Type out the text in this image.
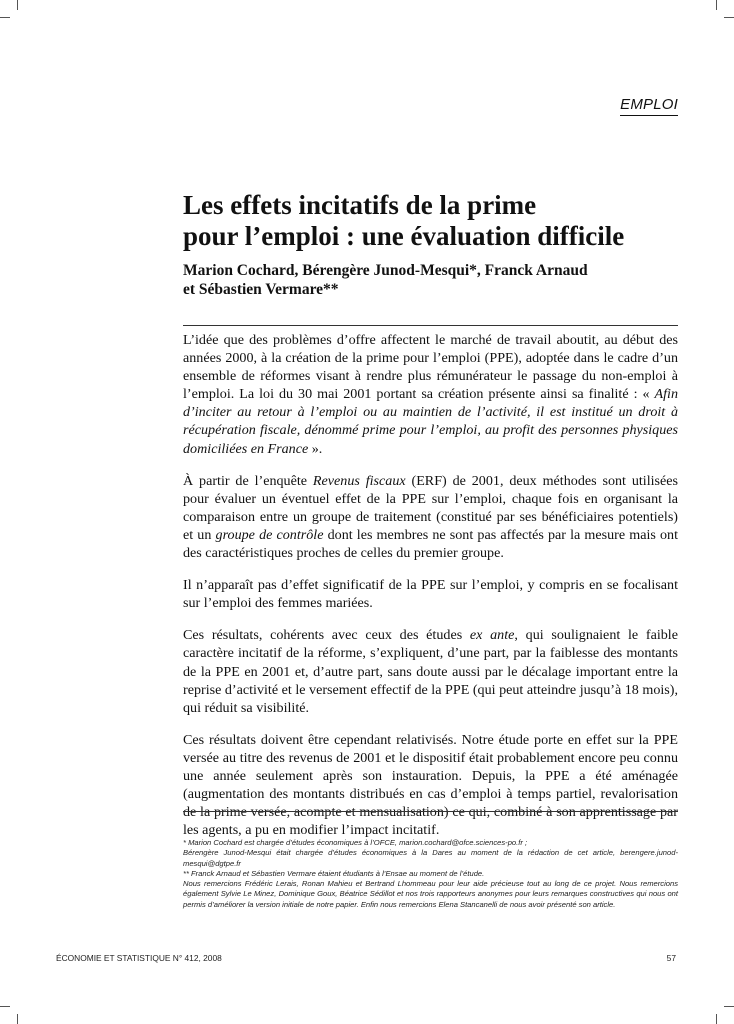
EMPLOI
Les effets incitatifs de la prime
pour l’emploi : une évaluation difficile
Marion Cochard, Bérengère Junod-Mesqui*, Franck Arnaud
et Sébastien Vermare**

L’idée que des problèmes d’offre affectent le marché de travail aboutit, au début des années 2000, à la création de la prime pour l’emploi (PPE), adoptée dans le cadre d’un ensemble de réformes visant à rendre plus rémunérateur le passage du non-emploi à l’emploi. La loi du 30 mai 2001 portant sa création présente ainsi sa finalité : « Afin d’inciter au retour à l’emploi ou au maintien de l’activité, il est institué un droit à récupération fiscale, dénommé prime pour l’emploi, au profit des personnes physiques domiciliées en France ».

À partir de l’enquête Revenus fiscaux (ERF) de 2001, deux méthodes sont utilisées pour évaluer un éventuel effet de la PPE sur l’emploi, chaque fois en organisant la comparaison entre un groupe de traitement (constitué par ses bénéficiaires potentiels) et un groupe de contrôle dont les membres ne sont pas affectés par la mesure mais ont des caractéristiques proches de celles du premier groupe.

Il n’apparaît pas d’effet significatif de la PPE sur l’emploi, y compris en se focalisant sur l’emploi des femmes mariées.

Ces résultats, cohérents avec ceux des études ex ante, qui soulignaient le faible caractère incitatif de la réforme, s’expliquent, d’une part, par la faiblesse des montants de la PPE en 2001 et, d’autre part, sans doute aussi par le décalage important entre la reprise d’activité et le versement effectif de la PPE (qui peut atteindre jusqu’à 18 mois), qui réduit sa visibilité.

Ces résultats doivent être cependant relativisés. Notre étude porte en effet sur la PPE versée au titre des revenus de 2001 et le dispositif était probablement encore peu connu une année seulement après son instauration. Depuis, la PPE a été aménagée (augmentation des montants distribués en cas d’emploi à temps partiel, revalorisation de la prime versée, acompte et mensualisation) ce qui, combiné à son apprentissage par les agents, a pu en modifier l’impact incitatif.

* Marion Cochard est chargée d’études économiques à l’OFCE, marion.cochard@ofce.sciences-po.fr ;
Bérengère Junod-Mesqui était chargée d’études économiques à la Dares au moment de la rédaction de cet article, berengere.junod-mesqui@dgtpe.fr
** Franck Arnaud et Sébastien Vermare étaient étudiants à l’Ensae au moment de l’étude.
Nous remercions Frédéric Lerais, Ronan Mahieu et Bertrand Lhommeau pour leur aide précieuse tout au long de ce projet. Nous remercions également Sylvie Le Minez, Dominique Goux, Béatrice Sédillot et nos trois rapporteurs anonymes pour leurs remarques constructives qui nous ont permis d’améliorer la version initiale de notre papier. Enfin nous remercions Elena Stancanelli de nous avoir présenté son article.
ÉCONOMIE ET STATISTIQUE N° 412, 2008	57
